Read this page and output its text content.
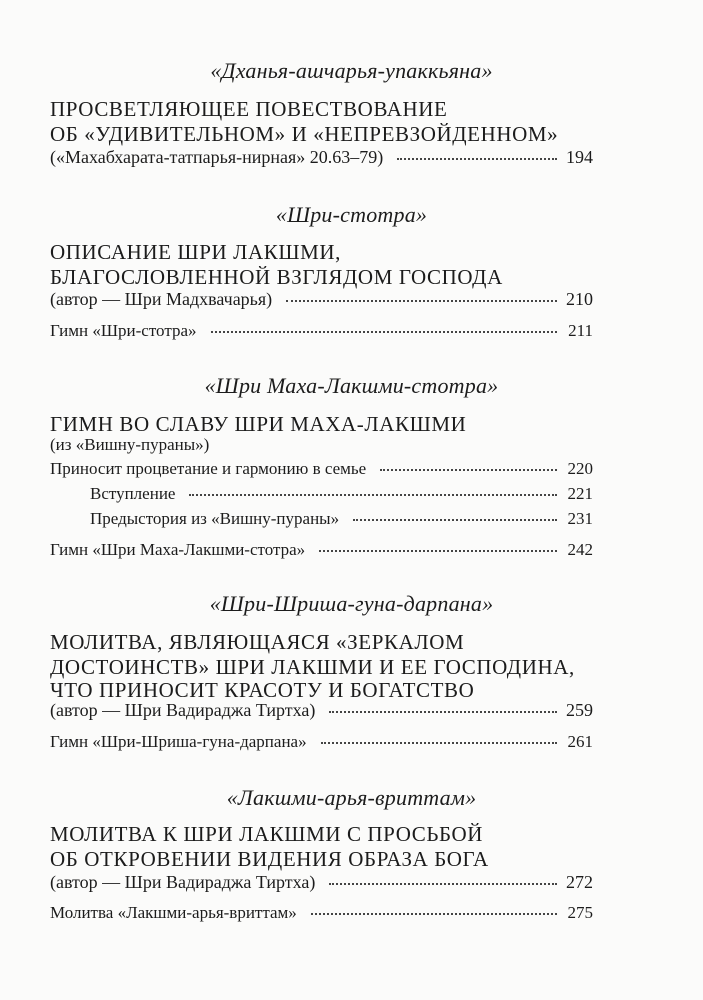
«Дханья-ашчарья-упаккьяна»
ПРОСВЕТЛЯЮЩЕЕ ПОВЕСТВОВАНИЕ
ОБ «УДИВИТЕЛЬНОМ» И «НЕПРЕВЗОЙДЕННОМ»
(«Махабхарата-татпарья-нирная» 20.63–79)	194
«Шри-стотра»
ОПИСАНИЕ ШРИ ЛАКШМИ,
БЛАГОСЛОВЛЕННОЙ ВЗГЛЯДОМ ГОСПОДА
(автор — Шри Мадхвачарья)	210
Гимн «Шри-стотра»	211
«Шри Маха-Лакшми-стотра»
ГИМН ВО СЛАВУ ШРИ МАХА-ЛАКШМИ
(из «Вишну-пураны»)
Приносит процветание и гармонию в семье	220
Вступление	221
Предыстория из «Вишну-пураны»	231
Гимн «Шри Маха-Лакшми-стотра»	242
«Шри-Шриша-гуна-дарпана»
МОЛИТВА, ЯВЛЯЮЩАЯСЯ «ЗЕРКАЛОМ
ДОСТОИНСТВ» ШРИ ЛАКШМИ И ЕЕ ГОСПОДИНА,
ЧТО ПРИНОСИТ КРАСОТУ И БОГАТСТВО
(автор — Шри Вадираджа Тиртха)	259
Гимн «Шри-Шриша-гуна-дарпана»	261
«Лакшми-арья-вриттам»
МОЛИТВА К ШРИ ЛАКШМИ С ПРОСЬБОЙ
ОБ ОТКРОВЕНИИ ВИДЕНИЯ ОБРАЗА БОГА
(автор — Шри Вадираджа Тиртха)	272
Молитва «Лакшми-арья-вриттам»	275
